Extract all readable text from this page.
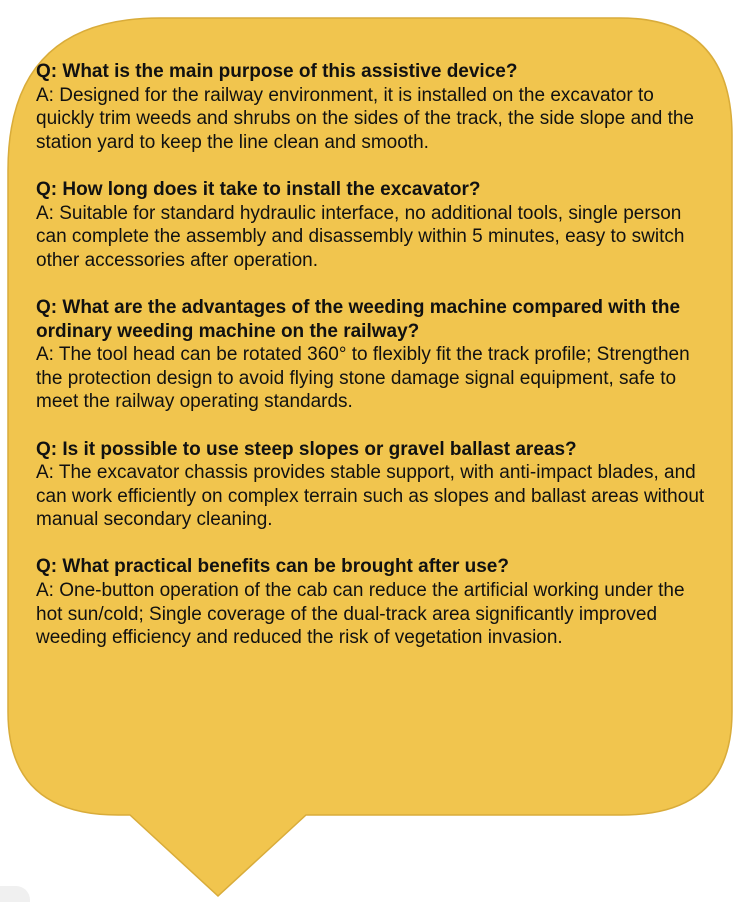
Q: What is the main purpose of this assistive device?

A: Designed for the railway environment, it is installed on the excavator to quickly trim weeds and shrubs on the sides of the track, the side slope and the station yard to keep the line clean and smooth.

Q: How long does it take to install the excavator?

A: Suitable for standard hydraulic interface, no additional tools, single person can complete the assembly and disassembly within 5 minutes, easy to switch other accessories after operation.

Q: What are the advantages of the weeding machine compared with the ordinary weeding machine on the railway?

A: The tool head can be rotated 360° to flexibly fit the track profile; Strengthen the protection design to avoid flying stone damage signal equipment, safe to meet the railway operating standards.

Q: Is it possible to use steep slopes or gravel ballast areas?

A: The excavator chassis provides stable support, with anti-impact blades, and can work efficiently on complex terrain such as slopes and ballast areas without manual secondary cleaning.

Q: What practical benefits can be brought after use?

A: One-button operation of the cab can reduce the artificial working under the hot sun/cold; Single coverage of the dual-track area significantly improved weeding efficiency and reduced the risk of vegetation invasion.
